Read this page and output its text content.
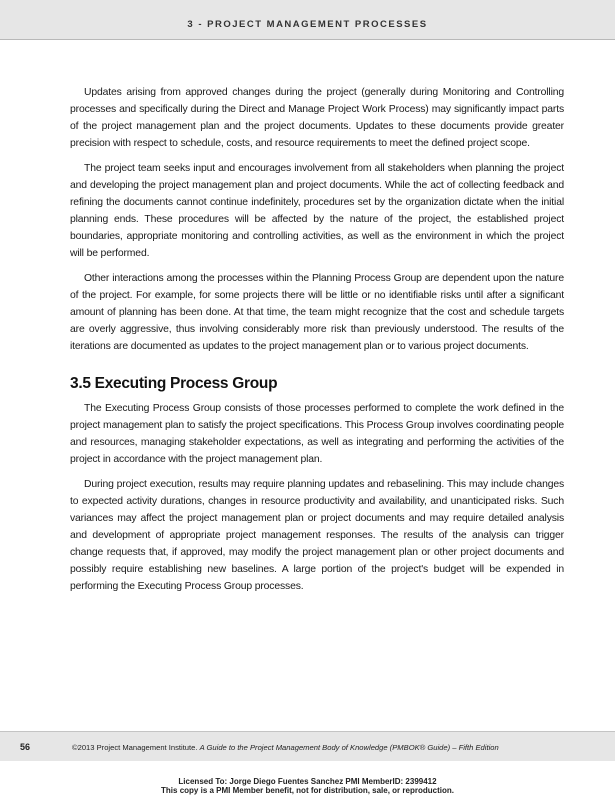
3 - PROJECT MANAGEMENT PROCESSES

Updates arising from approved changes during the project (generally during Monitoring and Controlling processes and specifically during the Direct and Manage Project Work Process) may significantly impact parts of the project management plan and the project documents. Updates to these documents provide greater precision with respect to schedule, costs, and resource requirements to meet the defined project scope.

The project team seeks input and encourages involvement from all stakeholders when planning the project and developing the project management plan and project documents. While the act of collecting feedback and refining the documents cannot continue indefinitely, procedures set by the organization dictate when the initial planning ends. These procedures will be affected by the nature of the project, the established project boundaries, appropriate monitoring and controlling activities, as well as the environment in which the project will be performed.

Other interactions among the processes within the Planning Process Group are dependent upon the nature of the project. For example, for some projects there will be little or no identifiable risks until after a significant amount of planning has been done. At that time, the team might recognize that the cost and schedule targets are overly aggressive, thus involving considerably more risk than previously understood. The results of the iterations are documented as updates to the project management plan or to various project documents.

3.5 Executing Process Group

The Executing Process Group consists of those processes performed to complete the work defined in the project management plan to satisfy the project specifications. This Process Group involves coordinating people and resources, managing stakeholder expectations, as well as integrating and performing the activities of the project in accordance with the project management plan.

During project execution, results may require planning updates and rebaselining. This may include changes to expected activity durations, changes in resource productivity and availability, and unanticipated risks. Such variances may affect the project management plan or project documents and may require detailed analysis and development of appropriate project management responses. The results of the analysis can trigger change requests that, if approved, may modify the project management plan or other project documents and possibly require establishing new baselines. A large portion of the project's budget will be expended in performing the Executing Process Group processes.

56	©2013 Project Management Institute. A Guide to the Project Management Body of Knowledge (PMBOK® Guide) – Fifth Edition
Licensed To: Jorge Diego Fuentes Sanchez PMI MemberID: 2399412
This copy is a PMI Member benefit, not for distribution, sale, or reproduction.
